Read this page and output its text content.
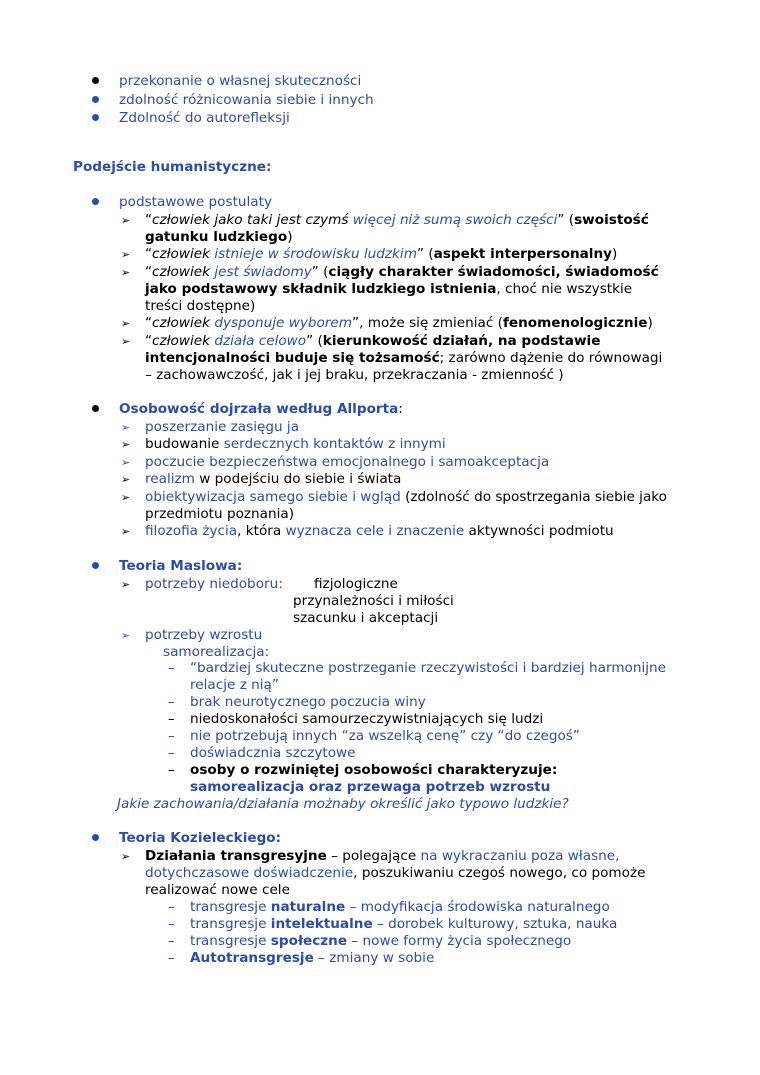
przekonanie o własnej skuteczności
zdolność różnicowania siebie i innych
Zdolność do autorefleksji
Podejście humanistyczne:
podstawowe postulaty
➢ “człowiek jako taki jest czymś więcej niż sumą swoich części” (swoistość
gatunku ludzkiego)
➢ “człowiek istnieje w środowisku ludzkim” (aspekt interpersonalny)
➢ “człowiek jest świadomy” (ciągły charakter świadomości, świadomość
jako podstawowy składnik ludzkiego istnienia, choć nie wszystkie
treści dostępne)
➢ “człowiek dysponuje wyborem”, może się zmieniać (fenomenologicznie)
➢ “człowiek działa celowo” (kierunkowość działań, na podstawie
intencjonalności buduje się tożsamość; zarówno dążenie do równowagi
– zachowawczość, jak i jej braku, przekraczania - zmienność )
Osobowość dojrzała według Allporta:
➢ poszerzanie zasięgu ja
➢ budowanie serdecznych kontaktów z innymi
➢ poczucie bezpieczeństwa emocjonalnego i samoakceptacja
➢ realizm w podejściu do siebie i świata
➢ obiektywizacja samego siebie i wgląd (zdolność do spostrzegania siebie jako
przedmiotu poznania)
➢ filozofia życia, która wyznacza cele i znaczenie aktywności podmiotu
Teoria Maslowa:
➢ potrzeby niedoboru: fizjologiczne
przynależności i miłości
szacunku i akceptacji
➢ potrzeby wzrostu
samorealizacja:
– “bardziej skuteczne postrzeganie rzeczywistości i bardziej harmonijne
relacje z nią”
– brak neurotycznego poczucia winy
– niedoskonałości samourzeczywistniających się ludzi
– nie potrzebują innych “za wszelką cenę” czy “do czegoś”
– doświadcznia szczytowe
– osoby o rozwiniętej osobowości charakteryzuje:
samorealizacja oraz przewaga potrzeb wzrostu
Jakie zachowania/działania możnaby określić jako typowo ludzkie?
Teoria Kozieleckiego:
➢ Działania transgresyjne – polegające na wykraczaniu poza własne,
dotychczasowe doświadczenie, poszukiwaniu czegoś nowego, co pomoże
realizować nowe cele
– transgresje naturalne – modyfikacja środowiska naturalnego
– transgresje intelektualne – dorobek kulturowy, sztuka, nauka
– transgresje społeczne – nowe formy życia społecznego
– Autotransgresje – zmiany w sobie
